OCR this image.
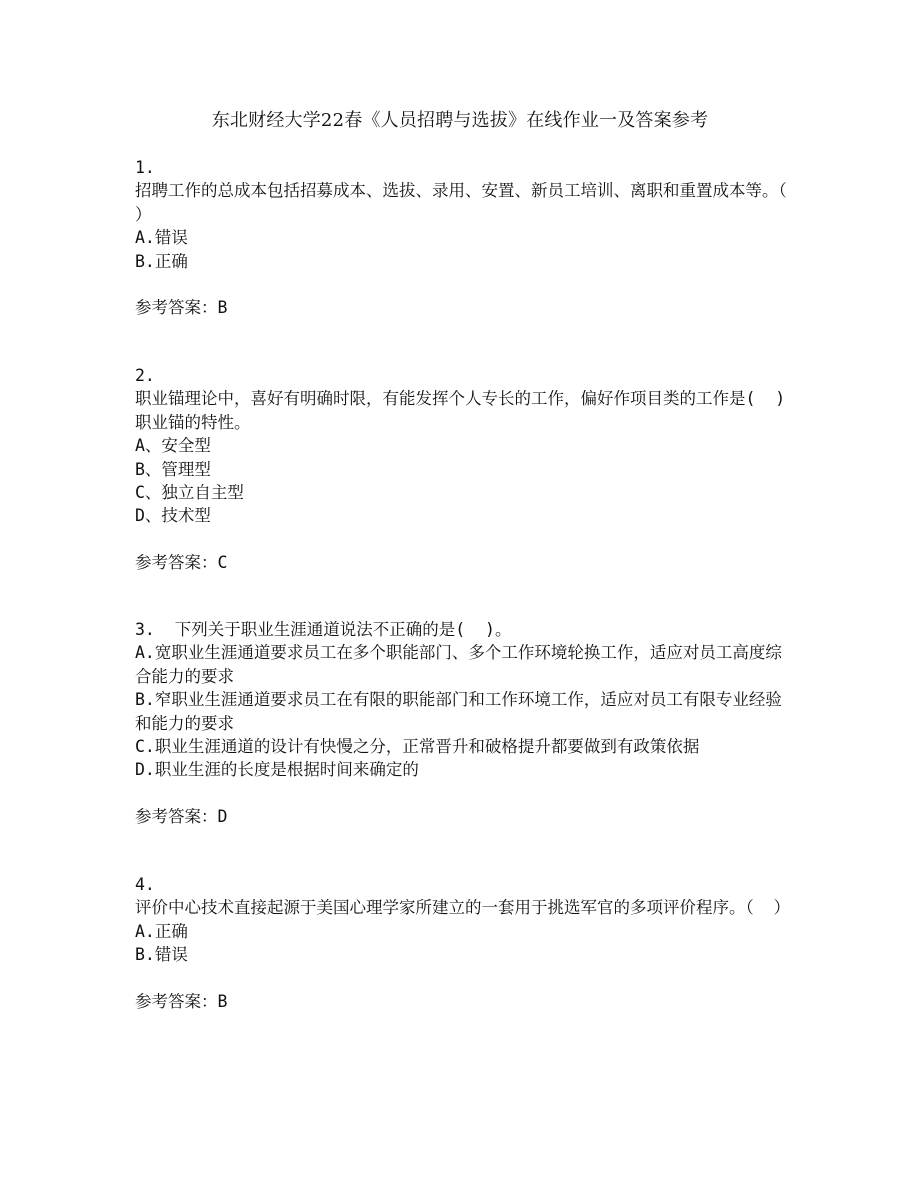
东北财经大学22春《人员招聘与选拔》在线作业一及答案参考
1.
招聘工作的总成本包括招募成本、选拔、录用、安置、新员工培训、离职和重置成本等。（  ）
A.错误
B.正确
参考答案：B
2.
职业锚理论中，喜好有明确时限，有能发挥个人专长的工作，偏好作项目类的工作是(  )职业锚的特性。
A、安全型
B、管理型
C、独立自主型
D、技术型
参考答案：C
3. 下列关于职业生涯通道说法不正确的是(  )。
A.宽职业生涯通道要求员工在多个职能部门、多个工作环境轮换工作，适应对员工高度综合能力的要求
B.窄职业生涯通道要求员工在有限的职能部门和工作环境工作，适应对员工有限专业经验和能力的要求
C.职业生涯通道的设计有快慢之分，正常晋升和破格提升都要做到有政策依据
D.职业生涯的长度是根据时间来确定的
参考答案：D
4.
评价中心技术直接起源于美国心理学家所建立的一套用于挑选军官的多项评价程序。（  ）
A.正确
B.错误
参考答案：B
